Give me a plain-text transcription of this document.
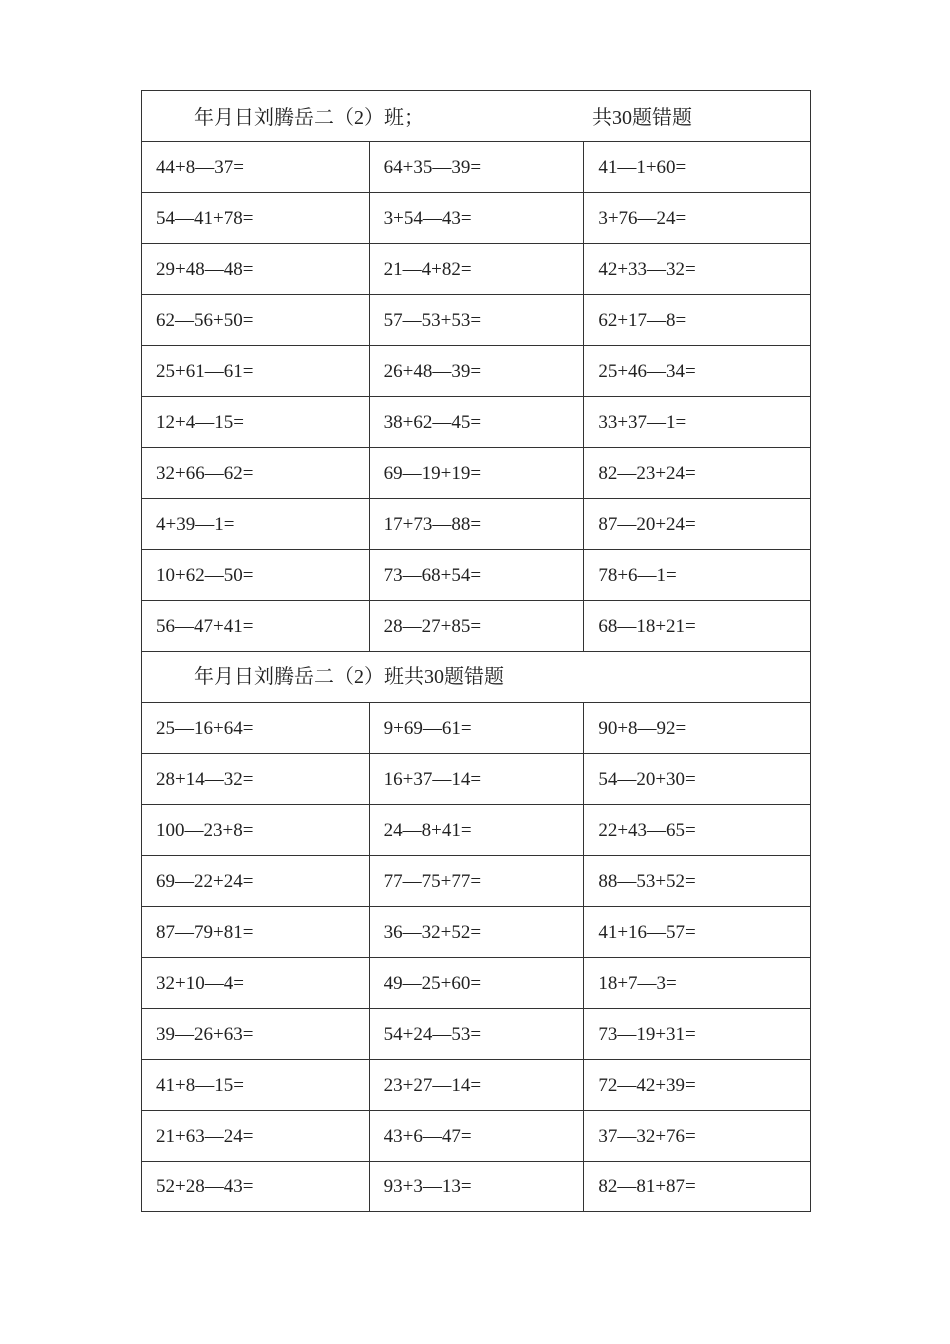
年月日刘腾岳二（2）班；	共30题错题
44+8—37=	64+35—39=	41—1+60=
54—41+78=	3+54—43=	3+76—24=
29+48—48=	21—4+82=	42+33—32=
62—56+50=	57—53+53=	62+17—8=
25+61—61=	26+48—39=	25+46—34=
12+4—15=	38+62—45=	33+37—1=
32+66—62=	69—19+19=	82—23+24=
4+39—1=	17+73—88=	87—20+24=
10+62—50=	73—68+54=	78+6—1=
56—47+41=	28—27+85=	68—18+21=
年月日刘腾岳二（2）班共30题错题
25—16+64=	9+69—61=	90+8—92=
28+14—32=	16+37—14=	54—20+30=
100—23+8=	24—8+41=	22+43—65=
69—22+24=	77—75+77=	88—53+52=
87—79+81=	36—32+52=	41+16—57=
32+10—4=	49—25+60=	18+7—3=
39—26+63=	54+24—53=	73—19+31=
41+8—15=	23+27—14=	72—42+39=
21+63—24=	43+6—47=	37—32+76=
52+28—43=	93+3—13=	82—81+87=
